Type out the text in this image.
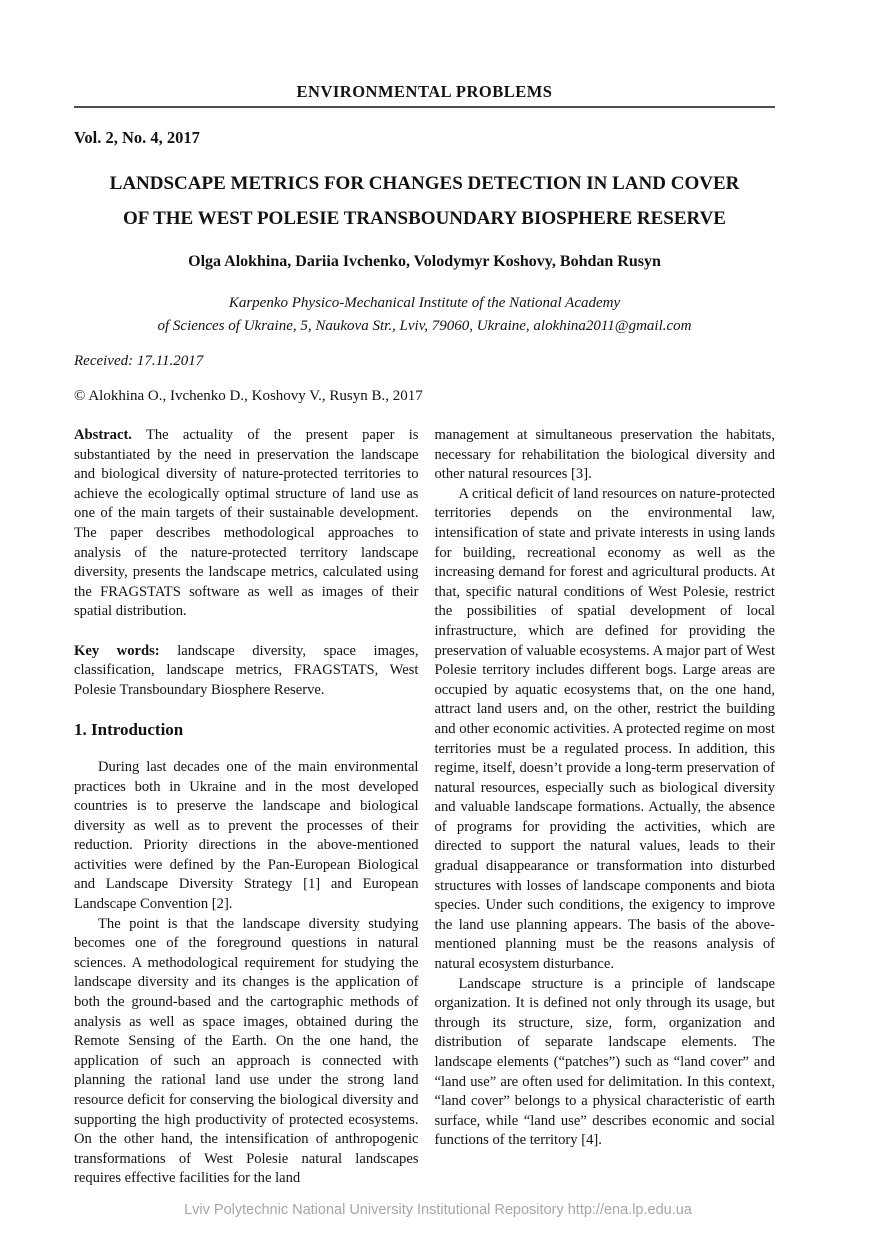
ENVIRONMENTAL PROBLEMS
Vol. 2, No. 4, 2017
LANDSCAPE METRICS FOR CHANGES DETECTION IN LAND COVER
OF THE WEST POLESIE TRANSBOUNDARY BIOSPHERE RESERVE
Olga Alokhina, Dariia Ivchenko, Volodymyr Koshovy, Bohdan Rusyn
Karpenko Physico-Mechanical Institute of the National Academy
of Sciences of Ukraine, 5, Naukova Str., Lviv, 79060, Ukraine, alokhina2011@gmail.com
Received: 17.11.2017
© Alokhina O., Ivchenko D., Koshovy V., Rusyn B., 2017

Abstract. The actuality of the present paper is substantiated by the need in preservation the landscape and biological diversity of nature-protected territories to achieve the ecologically optimal structure of land use as one of the main targets of their sustainable development. The paper describes methodological approaches to analysis of the nature-protected territory landscape diversity, presents the landscape metrics, calculated using the FRAGSTATS software as well as images of their spatial distribution.

Key words: landscape diversity, space images, classification, landscape metrics, FRAGSTATS, West Polesie Transboundary Biosphere Reserve.

1. Introduction

During last decades one of the main environmental practices both in Ukraine and in the most developed countries is to preserve the landscape and biological diversity as well as to prevent the processes of their reduction. Priority directions in the above-mentioned activities were defined by the Pan-European Biological and Landscape Diversity Strategy [1] and European Landscape Convention [2].

The point is that the landscape diversity studying becomes one of the foreground questions in natural sciences. A methodological requirement for studying the landscape diversity and its changes is the application of both the ground-based and the cartographic methods of analysis as well as space images, obtained during the Remote Sensing of the Earth. On the one hand, the application of such an approach is connected with planning the rational land use under the strong land resource deficit for conserving the biological diversity and supporting the high productivity of protected ecosystems. On the other hand, the intensification of anthropogenic transformations of West Polesie natural landscapes requires effective facilities for the land

management at simultaneous preservation the habitats, necessary for rehabilitation the biological diversity and other natural resources [3].

A critical deficit of land resources on nature-protected territories depends on the environmental law, intensification of state and private interests in using lands for building, recreational economy as well as the increasing demand for forest and agricultural products. At that, specific natural conditions of West Polesie, restrict the possibilities of spatial development of local infrastructure, which are defined for providing the preservation of valuable ecosystems. A major part of West Polesie territory includes different bogs. Large areas are occupied by aquatic ecosystems that, on the one hand, attract land users and, on the other, restrict the building and other economic activities. A protected regime on most territories must be a regulated process. In addition, this regime, itself, doesn’t provide a long-term preservation of natural resources, especially such as biological diversity and valuable landscape formations. Actually, the absence of programs for providing the activities, which are directed to support the natural values, leads to their gradual disappearance or transformation into disturbed structures with losses of landscape components and biota species. Under such conditions, the exigency to improve the land use planning appears. The basis of the above-mentioned planning must be the reasons analysis of natural ecosystem disturbance.

Landscape structure is a principle of landscape organization. It is defined not only through its usage, but through its structure, size, form, organization and distribution of separate landscape elements. The landscape elements (“patches”) such as “land cover” and “land use” are often used for delimitation. In this context, “land cover” belongs to a physical characteristic of earth surface, while “land use” describes economic and social functions of the territory [4].

Lviv Polytechnic National University Institutional Repository http://ena.lp.edu.ua
